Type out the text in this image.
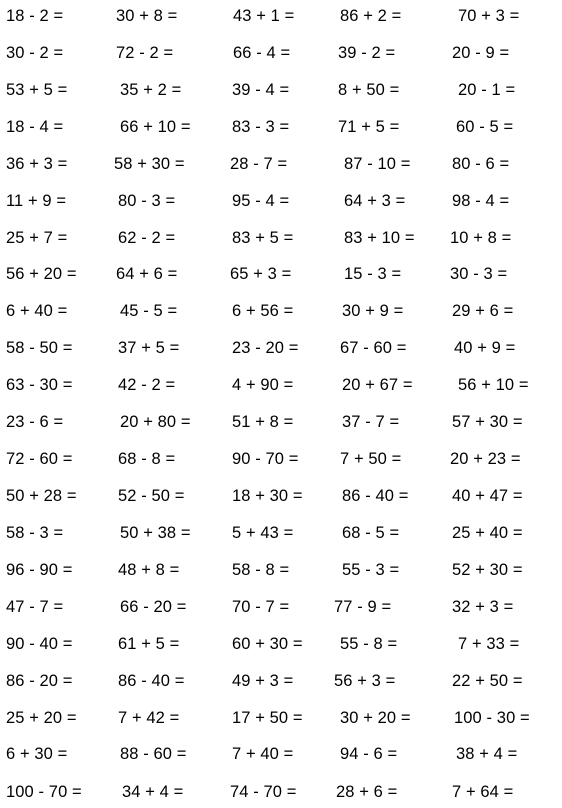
18 - 2 =	30 + 8 =	43 + 1 =	86 + 2 =	70 + 3 =
30 - 2 =	72 - 2 =	66 - 4 =	39 - 2 =	20 - 9 =
53 + 5 =	35 + 2 =	39 - 4 =	8 + 50 =	20 - 1 =
18 - 4 =	66 + 10 =	83 - 3 =	71 + 5 =	60 - 5 =
36 + 3 =	58 + 30 =	28 - 7 =	87 - 10 =	80 - 6 =
11 + 9 =	80 - 3 =	95 - 4 =	64 + 3 =	98 - 4 =
25 + 7 =	62 - 2 =	83 + 5 =	83 + 10 = 10 + 8 =
56 + 20 = 64 + 6 =	65 + 3 =	15 - 3 =	30 - 3 =
6 + 40 =	45 - 5 =	6 + 56 =	30 + 9 =	29 + 6 =
58 - 50 =	37 + 5 =	23 - 20 =	67 - 60 =	40 + 9 =
63 - 30 =	42 - 2 =	4 + 90 =	20 + 67 =	56 + 10 =
23 - 6 =	20 + 80 =	51 + 8 =	37 - 7 =	57 + 30 =
72 - 60 =	68 - 8 =	90 - 70 =	7 + 50 =	20 + 23 =
50 + 28 =	52 - 50 =	18 + 30 = 86 - 40 =	40 + 47 =
58 - 3 =	50 + 38 =	5 + 43 =	68 - 5 =	25 + 40 =
96 - 90 =	48 + 8 =	58 - 8 =	55 - 3 =	52 + 30 =
47 - 7 =	66 - 20 =	70 - 7 =	77 - 9 =	32 + 3 =
90 - 40 =	61 + 5 =	60 + 30 = 55 - 8 =	7 + 33 =
86 - 20 =	86 - 40 =	49 + 3 = 56 + 3 =	22 + 50 =
25 + 20 =	7 + 42 =	17 + 50 = 30 + 20 =	100 - 30 =
6 + 30 =	88 - 60 =	7 + 40 =	94 - 6 =	38 + 4 =
100 - 70 = 34 + 4 =	74 - 70 = 28 + 6 =	7 + 64 =
